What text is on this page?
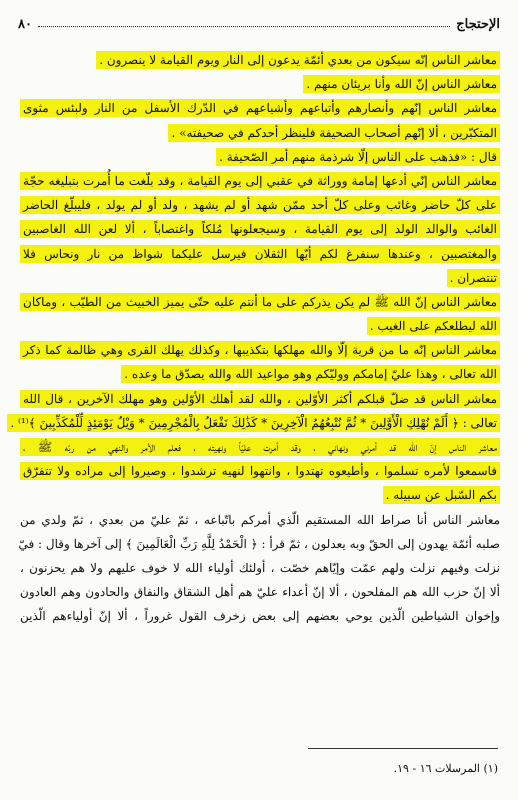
٨٠	الإحتجاج
معاشر الناس إنّه سيكون من بعدي أئمّة يدعون إلى النار ويوم القيامة لا ينصرون .
معاشر الناس إنّ الله وأنا بريئان منهم .
معاشر الناس إنّهم وأنصارهم وأتباعهم وأشياعهم في الدّرك الأسفل من النار ولبئس مثوى
المتكبّرين ، ألا إنّهم أصحاب الصحيفة فلينظر أحدكم في صحيفته» .
قال : «فذهب على الناس إلّا شرذمة منهم أمر الصّحيفة .
معاشر الناس إنّي أدعها إمامة ووراثة في عقبي إلى يوم القيامة ، وقد بلّغت ما أُمرت بتبليغه حجّة
على كلّ حاضر وغائب وعلى كلّ أحد ممّن شهد أو لم يشهد ، ولد أو لم يولد ، فليبلّغ الحاضر
الغائب والوالد الولد إلى يوم القيامة ، وسيجعلونها مُلكاً واغتصاباً ، ألا لعن الله الغاصبين
والمغتصبين ، وعندها سنفرغ لكم أيّها الثقلان فيرسل عليكما شواظ من نار ونحاس فلا
تنتصران .
معاشر الناس إنّ الله ﷺ لم يكن يذركم على ما أنتم عليه حتّى يميز الخبيث من الطيّب ، وماكان
الله ليطلعكم على الغيب .
معاشر الناس إنّه ما من قرية إلّا والله مهلكها بتكذيبها ، وكذلك يهلك القرى وهي ظالمة كما ذكر
الله تعالى ، وهذا عليّ إمامكم ووليّكم وهو مواعيد الله والله يصدّق ما وعده .
معاشر الناس قد ضلّ قبلكم أكثر الأوّلين ، والله لقد أهلك الأوّلين وهو مهلك الآخرين ، قال الله
تعالى : ﴿ أَلَمْ نُهْلِكِ الْأَوَّلِينَ * ثُمَّ نُتْبِعُهُمُ الْآخِرِينَ * كَذَٰلِكَ نَفْعَلُ بِالْمُجْرِمِينَ * وَيْلٌ يَوْمَئِذٍ لِّلْمُكَذِّبِينَ ﴾⁽¹⁾ .
معاشر الناس إنّ الله قد أمرني ونهاني ، وقد أمرت عليّاً ونهيته ، فعلم الأمر والنهي من ربّه ﷺ ،
فاسمعوا لأمره تسلموا ، وأطيعوه تهتدوا ، وانتهوا لنهيه ترشدوا ، وصيروا إلى مراده ولا تتفرّق
بكم السّبل عن سبيله .
معاشر الناس أنا صراط الله المستقيم الّذي أمركم باتّباعه ، ثمّ عليّ من بعدي ، ثمّ ولدي من
صلبه أئمّة يهدون إلى الحقّ وبه يعدلون ، ثمّ قرأ : ﴿ الْحَمْدُ لِلَّهِ رَبِّ الْعَالَمِينَ ﴾ إلى آخرها وقال : فيّ
نزلت وفيهم نزلت ولهم عمّت وإيّاهم خصّت ، أولئك أولياء الله لا خوف عليهم ولا هم يحزنون ،
ألا إنّ حزب الله هم المفلحون ، ألا إنّ أعداء عليّ هم أهل الشقاق والنفاق والحادون وهم العادون
وإخوان الشياطين الّذين يوحي بعضهم إلى بعض زخرف القول غروراً ، ألا إنّ أولياءهم الّذين
(١) المرسلات ١٦ - ١٩.
